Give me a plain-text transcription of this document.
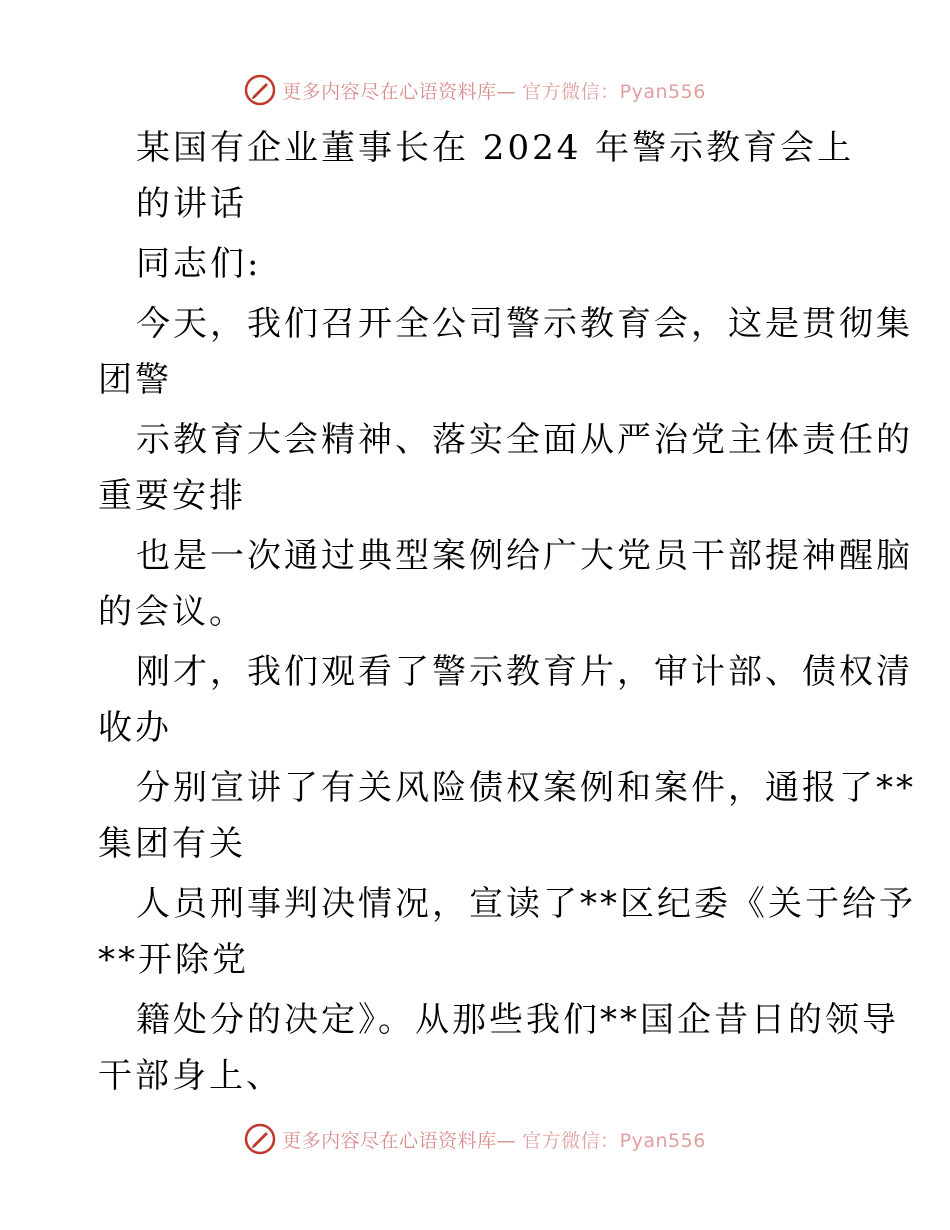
更多内容尽在心语资料库— 官方微信：Pyan556
某国有企业董事长在 2024 年警示教育会上
的讲话
同志们:
今天，我们召开全公司警示教育会，这是贯彻集
团警
示教育大会精神、落实全面从严治党主体责任的
重要安排
也是一次通过典型案例给广大党员干部提神醒脑
的会议。
刚才，我们观看了警示教育片，审计部、债权清
收办
分别宣讲了有关风险债权案例和案件，通报了**
集团有关
人员刑事判决情况，宣读了**区纪委《关于给予
**开除党
籍处分的决定》。从那些我们**国企昔日的领导
干部身上、
更多内容尽在心语资料库— 官方微信：Pyan556
